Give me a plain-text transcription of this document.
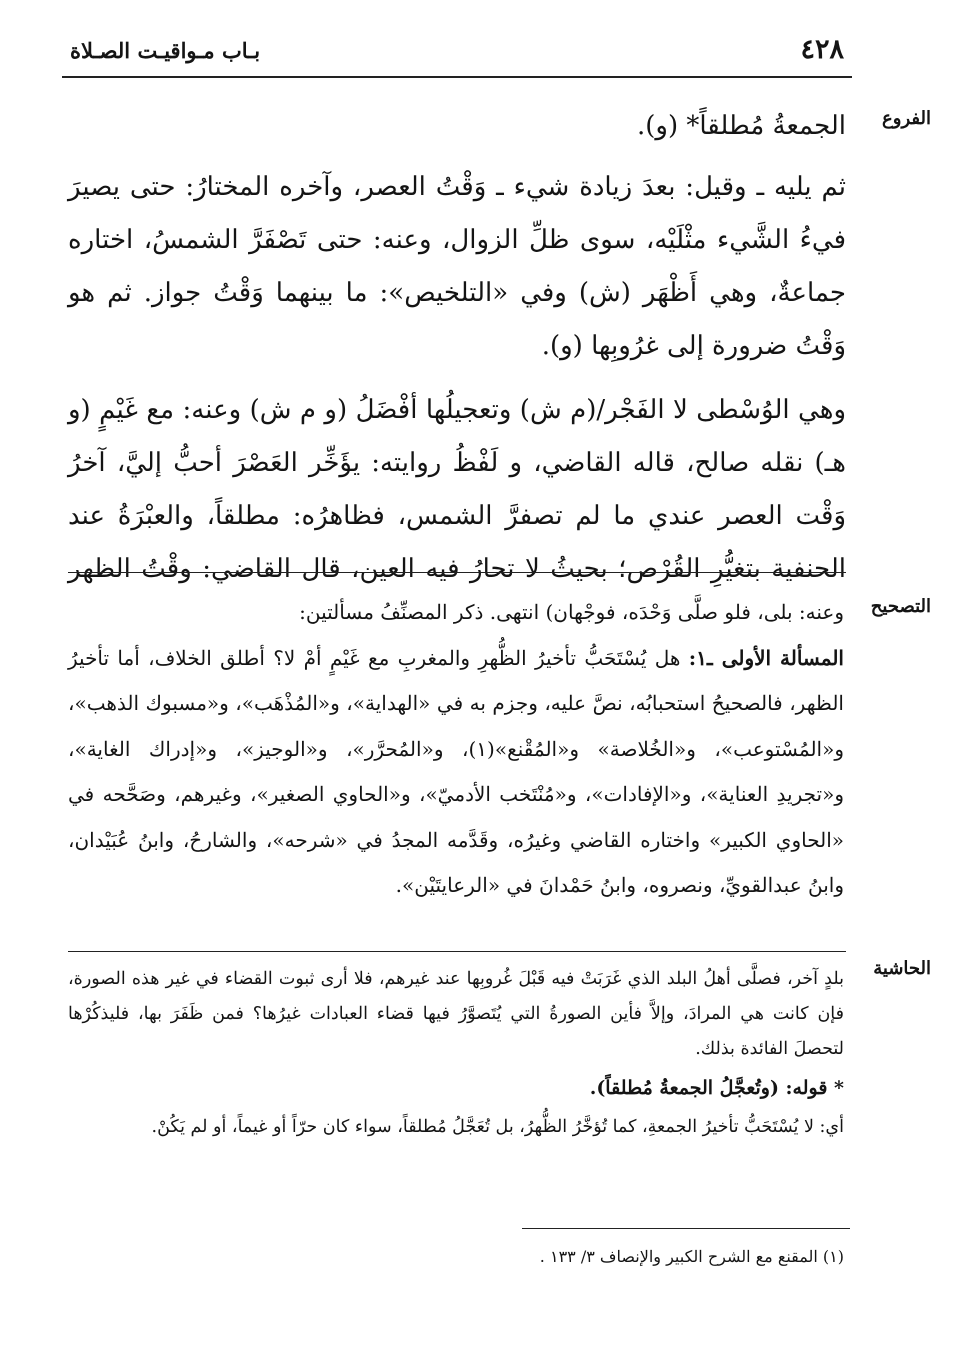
٤٢٨
بـاب مـواقيـت الصـلاة
الفروع

الجمعةُ مُطلقاً* (و).

ثم يليه ـ وقيل: بعدَ زيادة شيء ـ وَقْتُ العصر، وآخره المختارُ: حتى يصيرَ فيءُ الشَّيء مثْلَيْه، سوى ظلِّ الزوال، وعنه: حتى تَصْفَرَّ الشمسُ، اختاره جماعةٌ، وهي أَظْهَر (ش) وفي «التلخيص»: ما بينهما وَقْتُ جواز. ثم هو وَقْتُ ضرورة إلى غرُوبِها (و).

وهي الوُسْطى لا الفَجْر/(م ش) وتعجيلُها أفْضَلُ (و م ش) وعنه: مع غَيْمٍ (و هـ) نقله صالح، قاله القاضي، و لَفْظُ روايته: يؤَخِّر العَصْرَ أحبُّ إليَّ، آخرُ وَقْت العصر عندي ما لم تصفرَّ الشمس، فظاهرُه: مطلقاً، والعبْرَةُ عند الحنفية بتغيُّرِ القُرْص؛ بحيثُ لا تحارُ فيه العين، قال القاضي: وقْتُ الظهر

التصحيح

وعنه: بلى، فلو صلَّى وَحْدَه، فوجْهان) انتهى. ذكر المصنِّفُ مسألتين:

المسألة الأولى ـ١: هل يُسْتَحَبُّ تأخيرُ الظُّهرِ والمغربِ مع غَيْمٍ أمْ لا؟ أطلق الخلاف، أما تأخيرُ الظهر، فالصحيحُ استحبابُه، نصَّ عليه، وجزم به في «الهداية»، و«المُذْهَب»، و«مسبوك الذهب»، و«المُسْتوعب»، و«الخُلاصة» و«المُقْنع»(١)، و«المُحرَّر»، و«الوجيز»، و«إدراك الغاية»، و«تجريدِ العناية»، و«الإفادات»، و«مُنْتَخب الأدميّ»، و«الحاوي الصغير»، وغيرهم، وصَحَّحه في «الحاوي الكبير» واختاره القاضي وغيرُه، وقَدَّمه المجدُ في «شرحه»، والشارحُ، وابنُ عُبَيْدان، وابنُ عبدالقويِّ، ونصروه، وابنُ حَمْدانَ في «الرعايتَيْن».

الحاشية

بلدٍ آخر، فصلَّى أهلُ البلد الذي غَرَبَتْ فيه قَبْلَ غُروبِها عند غيرهم، فلا أرى ثبوت القضاء في غير هذه الصورة، فإن كانت هي المرادَ، وإلاَّ فأين الصورةُ التي يُتَصوَّرُ فيها قضاء العبادات غيرُها؟ فمن ظَفَرَ بها، فليذكُرْها لتحصلَ الفائدة بذلك.

* قوله: (وتُعجَّلُ الجمعةُ مُطلقاً).

أي: لا يُسْتَحَبُّ تأخيرُ الجمعةِ، كما تُؤخَّرُ الظُّهرُ، بل تُعَجَّلُ مُطلقاً، سواء كان حرّاً أو غيماً، أو لم يَكُنْ.

(١) المقنع مع الشرح الكبير والإنصاف ٣/ ١٣٣ .
